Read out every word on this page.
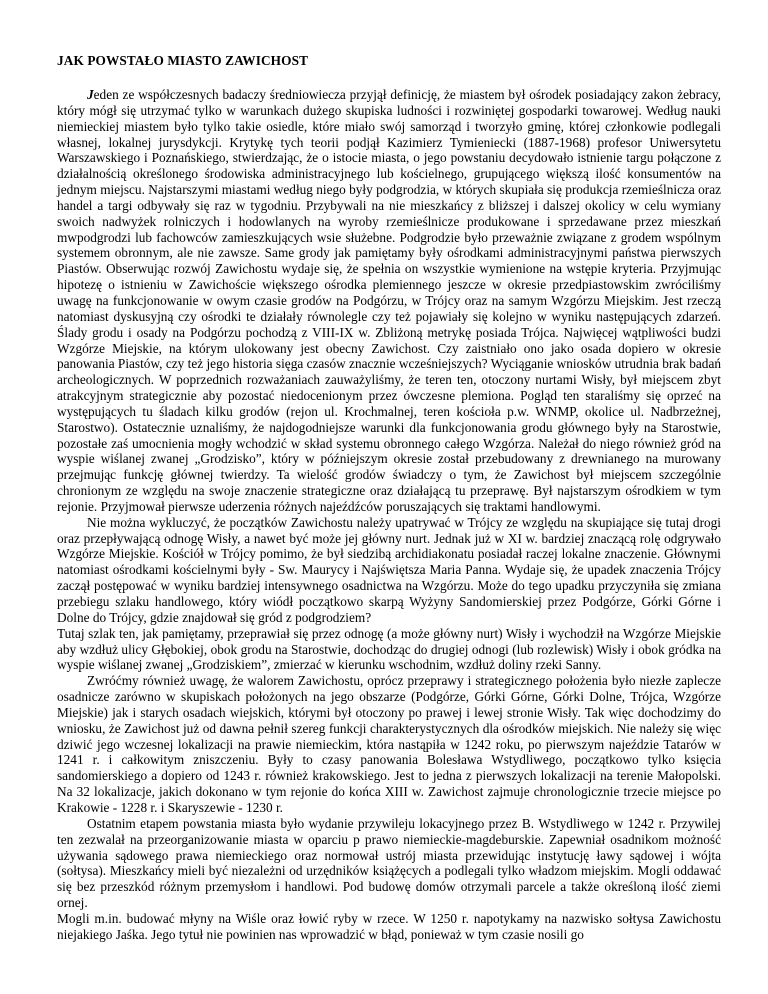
JAK POWSTAŁO MIASTO ZAWICHOST

Jeden ze współczesnych badaczy średniowiecza przyjął definicję, że miastem był ośrodek posiadający zakon żebracy, który mógł się utrzymać tylko w warunkach dużego skupiska ludności i rozwiniętej gospodarki towarowej. Według nauki niemieckiej miastem było tylko takie osiedle, które miało swój samorząd i tworzyło gminę, której członkowie podlegali własnej, lokalnej jurysdykcji. Krytykę tych teorii podjął Kazimierz Tymieniecki (1887-1968) profesor Uniwersytetu Warszawskiego i Poznańskiego, stwierdzając, że o istocie miasta, o jego powstaniu decydowało istnienie targu połączone z działalnością określonego środowiska administracyjnego lub kościelnego, grupującego większą ilość konsumentów na jednym miejscu. Najstarszymi miastami według niego były podgrodzia, w których skupiała się produkcja rzemieślnicza oraz handel a targi odbywały się raz w tygodniu. Przybywali na nie mieszkańcy z bliższej i dalszej okolicy w celu wymiany swoich nadwyżek rolniczych i hodowlanych na wyroby rzemieślnicze produkowane i sprzedawane przez mieszkań mwpodgrodzi lub fachowców zamieszkujących wsie służebne. Podgrodzie było przeważnie związane z grodem wspólnym systemem obronnym, ale nie zawsze. Same grody jak pamiętamy były ośrodkami administracyjnymi państwa pierwszych Piastów. Obserwując rozwój Zawichostu wydaje się, że spełnia on wszystkie wymienione na wstępie kryteria. Przyjmując hipotezę o istnieniu w Zawichoście większego ośrodka plemiennego jeszcze w okresie przedpiastowskim zwróciliśmy uwagę na funkcjonowanie w owym czasie grodów na Podgórzu, w Trójcy oraz na samym Wzgórzu Miejskim. Jest rzeczą natomiast dyskusyjną czy ośrodki te działały równolegle czy też pojawiały się kolejno w wyniku następujących zdarzeń. Ślady grodu i osady na Podgórzu pochodzą z VIII-IX w. Zbliżoną metrykę posiada Trójca. Najwięcej wątpliwości budzi Wzgórze Miejskie, na którym ulokowany jest obecny Zawichost. Czy zaistniało ono jako osada dopiero w okresie panowania Piastów, czy też jego historia sięga czasów znacznie wcześniejszych? Wyciąganie wniosków utrudnia brak badań archeologicznych. W poprzednich rozważaniach zauważyliśmy, że teren ten, otoczony nurtami Wisły, był miejscem zbyt atrakcyjnym strategicznie aby pozostać niedocenionym przez ówczesne plemiona. Pogląd ten staraliśmy się oprzeć na występujących tu śladach kilku grodów (rejon ul. Krochmalnej, teren kościoła p.w. WNMP, okolice ul. Nadbrzeżnej, Starostwo). Ostatecznie uznaliśmy, że najdogodniejsze warunki dla funkcjonowania grodu głównego były na Starostwie, pozostałe zaś umocnienia mogły wchodzić w skład systemu obronnego całego Wzgórza. Należał do niego również gród na wyspie wiślanej zwanej „Grodzisko”, który w późniejszym okresie został przebudowany z drewnianego na murowany przejmując funkcję głównej twierdzy. Ta wielość grodów świadczy o tym, że Zawichost był miejscem szczególnie chronionym ze względu na swoje znaczenie strategiczne oraz działającą tu przeprawę. Był najstarszym ośrodkiem w tym rejonie. Przyjmował pierwsze uderzenia różnych najeźdźców poruszających się traktami handlowymi.

Nie można wykluczyć, że początków Zawichostu należy upatrywać w Trójcy ze względu na skupiające się tutaj drogi oraz przepływającą odnogę Wisły, a nawet być może jej główny nurt. Jednak już w XI w. bardziej znaczącą rolę odgrywało Wzgórze Miejskie. Kościół w Trójcy pomimo, że był siedzibą archidiakonatu posiadał raczej lokalne znaczenie. Głównymi natomiast ośrodkami kościelnymi były - Sw. Maurycy i Najświętsza Maria Panna. Wydaje się, że upadek znaczenia Trójcy zaczął postępować w wyniku bardziej intensywnego osadnictwa na Wzgórzu. Może do tego upadku przyczyniła się zmiana przebiegu szlaku handlowego, który wiódł początkowo skarpą Wyżyny Sandomierskiej przez Podgórze, Górki Górne i Dolne do Trójcy, gdzie znajdował się gród z podgrodziem?

Tutaj szlak ten, jak pamiętamy, przeprawiał się przez odnogę (a może główny nurt) Wisły i wychodził na Wzgórze Miejskie aby wzdłuż ulicy Głębokiej, obok grodu na Starostwie, dochodząc do drugiej odnogi (lub rozlewisk) Wisły i obok gródka na wyspie wiślanej zwanej „Grodziskiem”, zmierzać w kierunku wschodnim, wzdłuż doliny rzeki Sanny.

Zwróćmy również uwagę, że walorem Zawichostu, oprócz przeprawy i strategicznego położenia było niezłe zaplecze osadnicze zarówno w skupiskach położonych na jego obszarze (Podgórze, Górki Górne, Górki Dolne, Trójca, Wzgórze Miejskie) jak i starych osadach wiejskich, którymi był otoczony po prawej i lewej stronie Wisły. Tak więc dochodzimy do wniosku, że Zawichost już od dawna pełnił szereg funkcji charakterystycznych dla ośrodków miejskich. Nie należy się więc dziwić jego wczesnej lokalizacji na prawie niemieckim, która nastąpiła w 1242 roku, po pierwszym najeździe Tatarów w 1241 r. i całkowitym zniszczeniu. Były to czasy panowania Bolesława Wstydliwego, początkowo tylko księcia sandomierskiego a dopiero od 1243 r. również krakowskiego. Jest to jedna z pierwszych lokalizacji na terenie Małopolski. Na 32 lokalizacje, jakich dokonano w tym rejonie do końca XIII w. Zawichost zajmuje chronologicznie trzecie miejsce po Krakowie - 1228 r. i Skaryszewie - 1230 r.

Ostatnim etapem powstania miasta było wydanie przywileju lokacyjnego przez B. Wstydliwego w 1242 r. Przywilej ten zezwalał na przeorganizowanie miasta w oparciu p prawo niemieckie-magdeburskie. Zapewniał osadnikom możność używania sądowego prawa niemieckiego oraz normował ustrój miasta przewidując instytucję ławy sądowej i wójta (sołtysa). Mieszkańcy mieli być niezależni od urzędników książęcych a podlegali tylko władzom miejskim. Mogli oddawać się bez przeszkód różnym przemysłom i handlowi. Pod budowę domów otrzymali parcele a także określoną ilość ziemi ornej.

Mogli m.in. budować młyny na Wiśle oraz łowić ryby w rzece. W 1250 r. napotykamy na nazwisko sołtysa Zawichostu niejakiego Jaśka. Jego tytuł nie powinien nas wprowadzić w błąd, ponieważ w tym czasie nosili go
